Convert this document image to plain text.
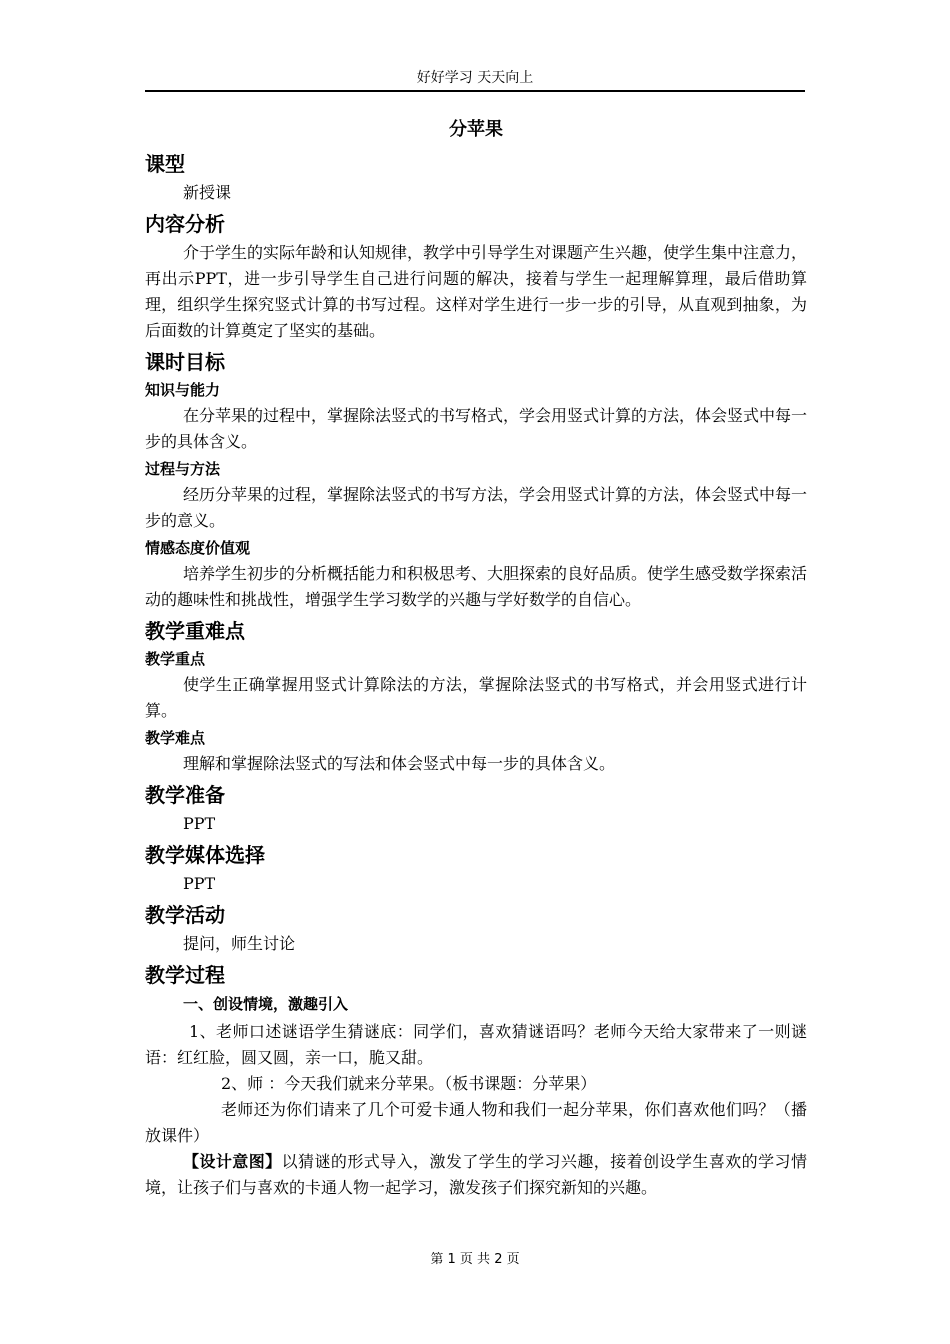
好好学习 天天向上
分苹果
课型

新授课

内容分析

介于学生的实际年龄和认知规律，教学中引导学生对课题产生兴趣，使学生集中注意力，再出示PPT，进一步引导学生自己进行问题的解决，接着与学生一起理解算理，最后借助算理，组织学生探究竖式计算的书写过程。这样对学生进行一步一步的引导，从直观到抽象，为后面数的计算奠定了坚实的基础。

课时目标
知识与能力

在分苹果的过程中，掌握除法竖式的书写格式，学会用竖式计算的方法，体会竖式中每一步的具体含义。

过程与方法

经历分苹果的过程，掌握除法竖式的书写方法，学会用竖式计算的方法，体会竖式中每一步的意义。

情感态度价值观

培养学生初步的分析概括能力和积极思考、大胆探索的良好品质。使学生感受数学探索活动的趣味性和挑战性，增强学生学习数学的兴趣与学好数学的自信心。

教学重难点
教学重点

使学生正确掌握用竖式计算除法的方法，掌握除法竖式的书写格式，并会用竖式进行计算。

教学难点

理解和掌握除法竖式的写法和体会竖式中每一步的具体含义。

教学准备

PPT

教学媒体选择

PPT

教学活动

提问，师生讨论

教学过程
一、创设情境，激趣引入

1、老师口述谜语学生猜谜底：同学们，喜欢猜谜语吗？老师今天给大家带来了一则谜语：红红脸，圆又圆，亲一口，脆又甜。

2、师 ：今天我们就来分苹果。（板书课题：分苹果）

老师还为你们请来了几个可爱卡通人物和我们一起分苹果，你们喜欢他们吗？（播放课件）

【设计意图】以猜谜的形式导入，激发了学生的学习兴趣，接着创设学生喜欢的学习情境，让孩子们与喜欢的卡通人物一起学习，激发孩子们探究新知的兴趣。

第 1 页 共 2 页
